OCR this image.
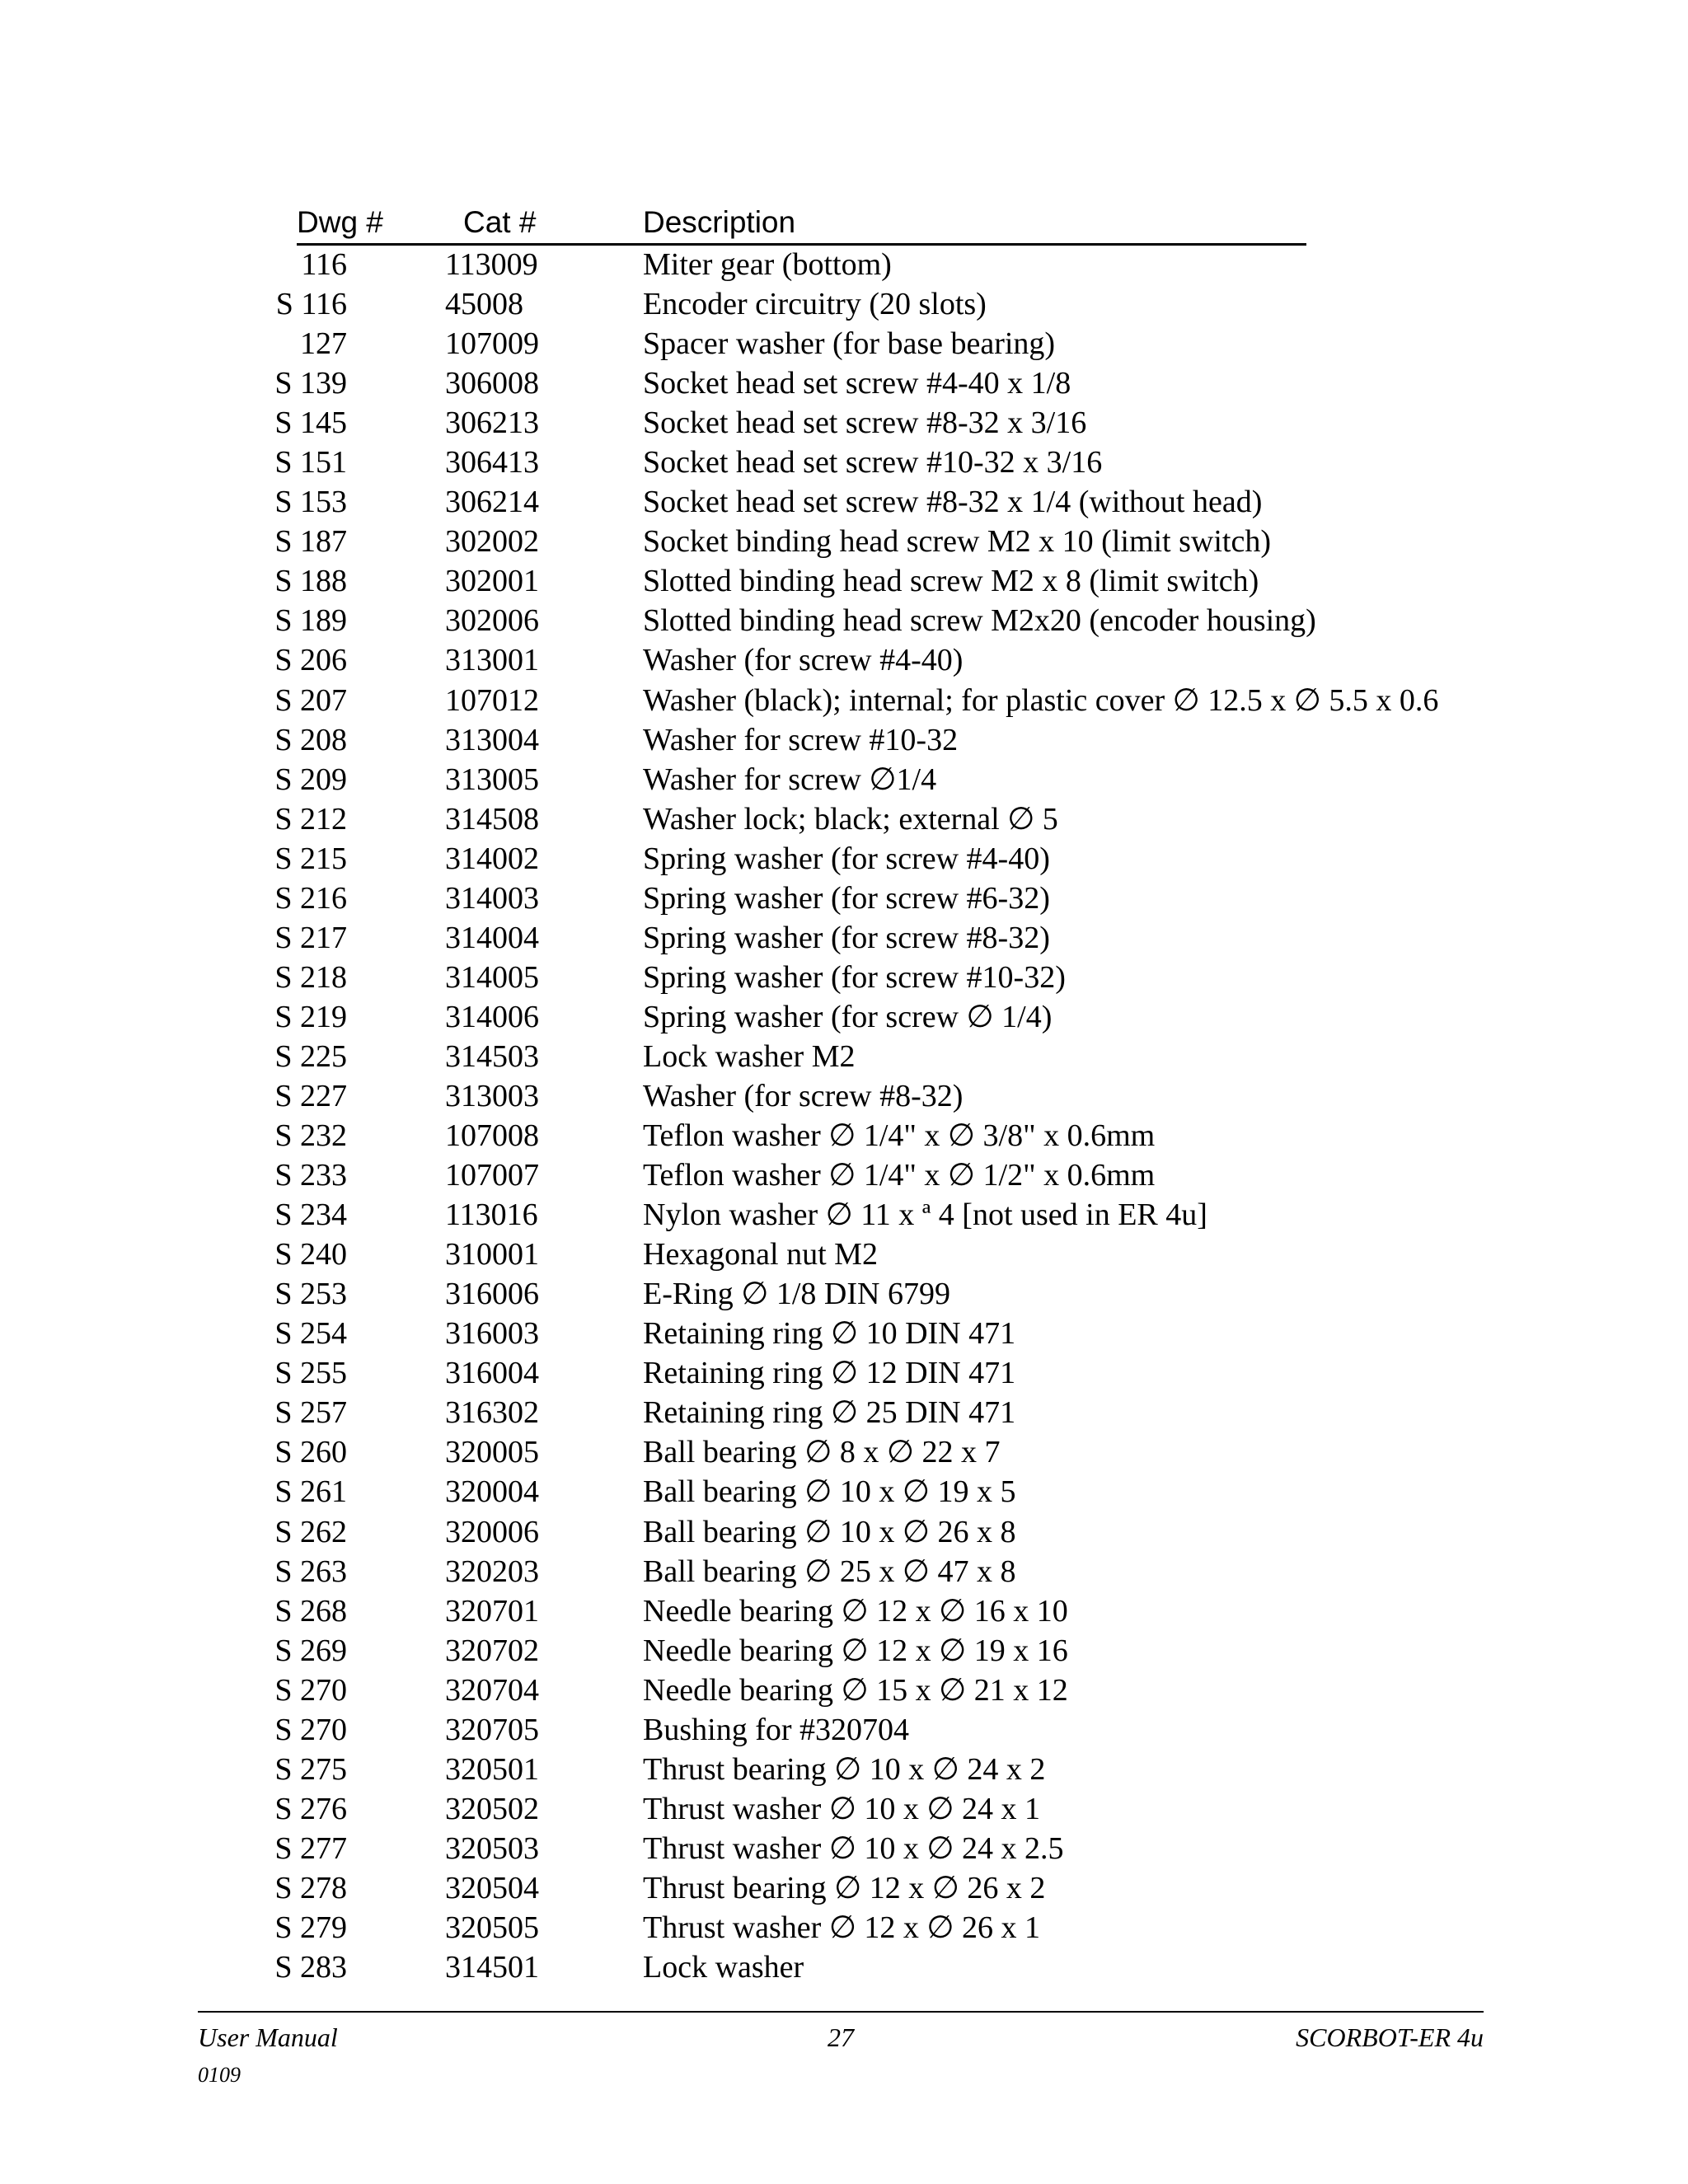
Dwg #	Cat #	Description
116	113009	Miter gear (bottom)
S 116	45008	Encoder circuitry (20 slots)
127	107009	Spacer washer (for base bearing)
S 139	306008	Socket head set screw #4-40 x 1/8
S 145	306213	Socket head set screw #8-32 x 3/16
S 151	306413	Socket head set screw #10-32 x 3/16
S 153	306214	Socket head set screw #8-32 x 1/4 (without head)
S 187	302002	Socket binding head screw M2 x 10 (limit switch)
S 188	302001	Slotted binding head screw M2 x 8 (limit switch)
S 189	302006	Slotted binding head screw M2x20 (encoder housing)
S 206	313001	Washer (for screw #4-40)
S 207	107012	Washer (black); internal; for plastic cover ∅ 12.5 x ∅ 5.5 x 0.6
S 208	313004	Washer for screw #10-32
S 209	313005	Washer for screw ∅1/4
S 212	314508	Washer lock; black; external ∅ 5
S 215	314002	Spring washer (for screw #4-40)
S 216	314003	Spring washer (for screw #6-32)
S 217	314004	Spring washer (for screw #8-32)
S 218	314005	Spring washer (for screw #10-32)
S 219	314006	Spring washer (for screw ∅ 1/4)
S 225	314503	Lock washer M2
S 227	313003	Washer (for screw #8-32)
S 232	107008	Teflon washer ∅ 1/4" x ∅ 3/8" x 0.6mm
S 233	107007	Teflon washer ∅ 1/4" x ∅ 1/2" x 0.6mm
S 234	113016	Nylon washer ∅ 11 x ª 4 [not used in ER 4u]
S 240	310001	Hexagonal nut M2
S 253	316006	E-Ring ∅ 1/8 DIN 6799
S 254	316003	Retaining ring ∅ 10 DIN 471
S 255	316004	Retaining ring ∅ 12 DIN 471
S 257	316302	Retaining ring ∅ 25 DIN 471
S 260	320005	Ball bearing ∅ 8 x ∅ 22 x 7
S 261	320004	Ball bearing ∅ 10 x ∅ 19 x 5
S 262	320006	Ball bearing ∅ 10 x ∅ 26 x 8
S 263	320203	Ball bearing ∅ 25 x ∅ 47 x 8
S 268	320701	Needle bearing ∅ 12 x ∅ 16 x 10
S 269	320702	Needle bearing ∅ 12 x ∅ 19 x 16
S 270	320704	Needle bearing ∅ 15 x ∅ 21 x 12
S 270	320705	Bushing for #320704
S 275	320501	Thrust bearing ∅ 10 x ∅ 24 x 2
S 276	320502	Thrust washer ∅ 10 x ∅ 24 x 1
S 277	320503	Thrust washer ∅ 10 x ∅ 24 x 2.5
S 278	320504	Thrust bearing ∅ 12 x ∅ 26 x 2
S 279	320505	Thrust washer ∅ 12 x ∅ 26 x 1
S 283	314501	Lock washer
User Manual	27	SCORBOT-ER 4u
0109
